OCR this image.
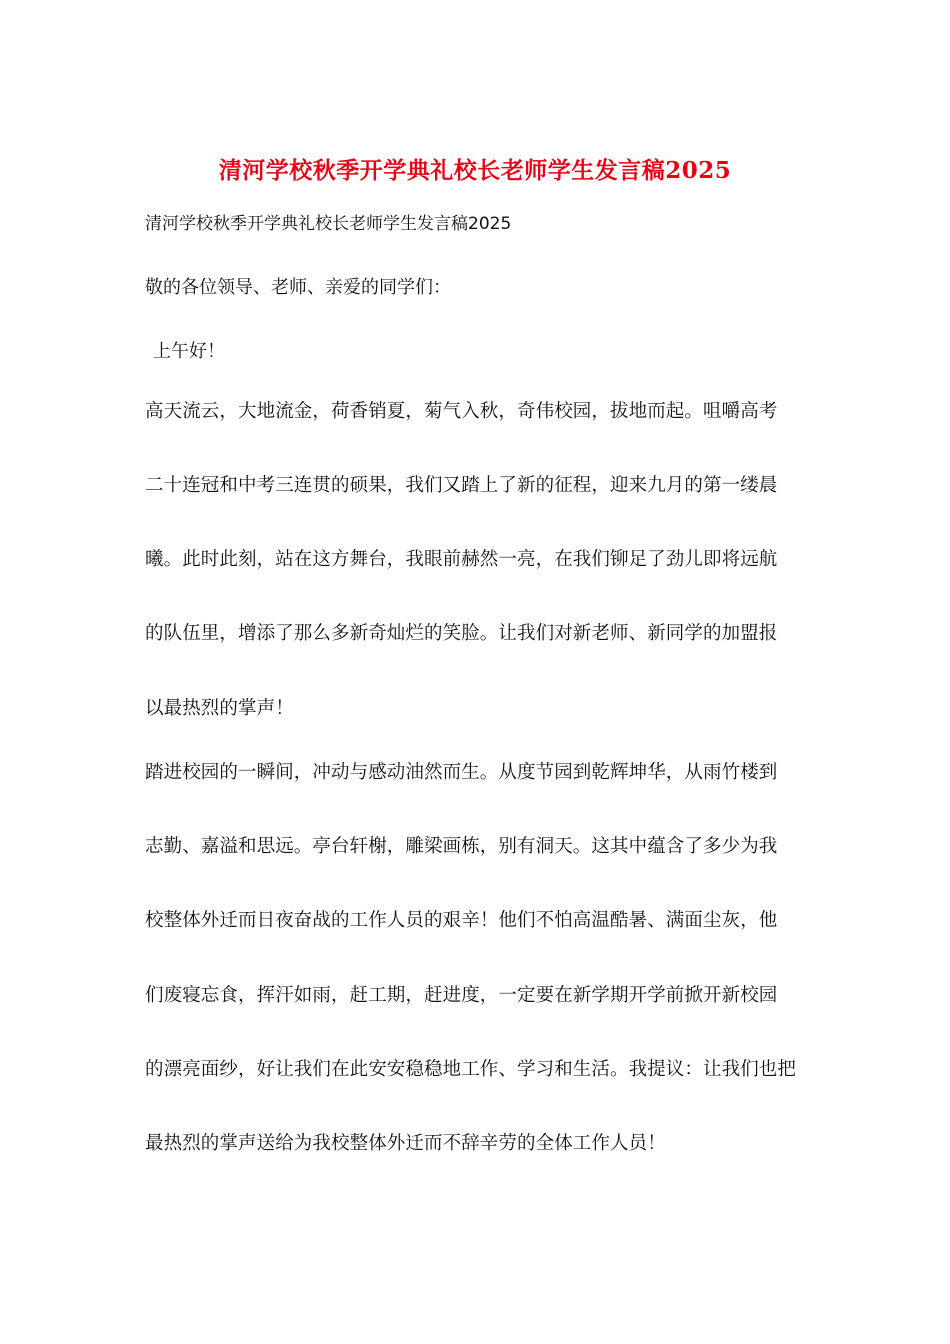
清河学校秋季开学典礼校长老师学生发言稿2025
清河学校秋季开学典礼校长老师学生发言稿2025
敬的各位领导、老师、亲爱的同学们：
上午好！
高天流云，大地流金，荷香销夏，菊气入秋，奇伟校园，拔地而起。咀嚼高考
二十连冠和中考三连贯的硕果，我们又踏上了新的征程，迎来九月的第一缕晨
曦。此时此刻，站在这方舞台，我眼前赫然一亮，在我们铆足了劲儿即将远航
的队伍里，增添了那么多新奇灿烂的笑脸。让我们对新老师、新同学的加盟报
以最热烈的掌声！
踏进校园的一瞬间，冲动与感动油然而生。从度节园到乾辉坤华，从雨竹楼到
志勤、嘉溢和思远。亭台轩榭，雕梁画栋，别有洞天。这其中蕴含了多少为我
校整体外迁而日夜奋战的工作人员的艰辛！他们不怕高温酷暑、满面尘灰，他
们废寝忘食，挥汗如雨，赶工期，赶进度，一定要在新学期开学前掀开新校园
的漂亮面纱，好让我们在此安安稳稳地工作、学习和生活。我提议：让我们也把
最热烈的掌声送给为我校整体外迁而不辞辛劳的全体工作人员！
